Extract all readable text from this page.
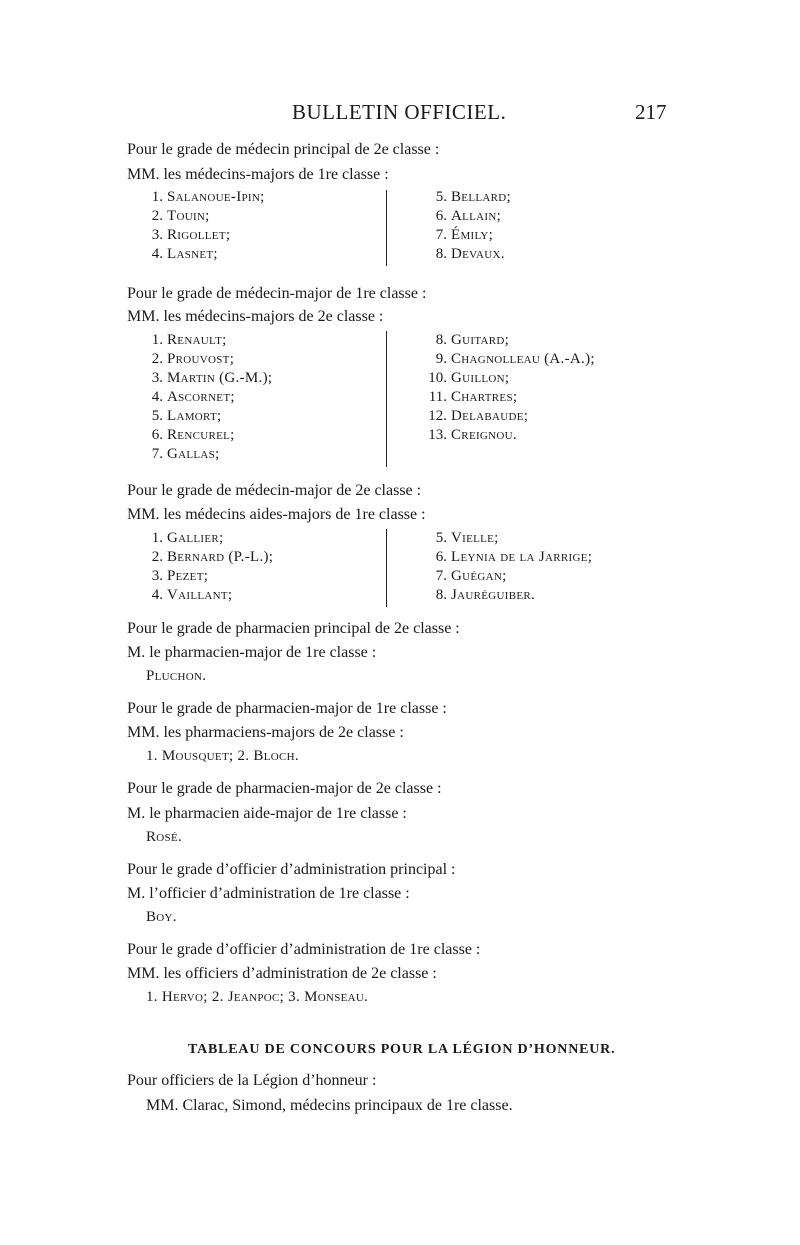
BULLETIN OFFICIEL.	217
Pour le grade de médecin principal de 2e classe :
MM. les médecins-majors de 1re classe :
1. Salanoue-Ipin;
2. Touin;
3. Rigollet;
4. Lasnet;
5. Bellard;
6. Allain;
7. Émily;
8. Devaux.
Pour le grade de médecin-major de 1re classe :
MM. les médecins-majors de 2e classe :
1. Renault;
2. Prouvost;
3. Martin (G.-M.);
4. Ascornet;
5. Lamort;
6. Rencurel;
7. Gallas;
8. Guitard;
9. Chagnolleau (A.-A.);
10. Guillon;
11. Chartres;
12. Delabaude;
13. Creignou.
Pour le grade de médecin-major de 2e classe :
MM. les médecins aides-majors de 1re classe :
1. Gallier;
2. Bernard (P.-L.);
3. Pezet;
4. Vaillant;
5. Vielle;
6. Leynia de la Jarrige;
7. Guégan;
8. Jauréguiber.
Pour le grade de pharmacien principal de 2e classe :
M. le pharmacien-major de 1re classe :
Pluchon.
Pour le grade de pharmacien-major de 1re classe :
MM. les pharmaciens-majors de 2e classe :
1. Mousquet; 2. Bloch.
Pour le grade de pharmacien-major de 2e classe :
M. le pharmacien aide-major de 1re classe :
Rosé.
Pour le grade d’officier d’administration principal :
M. l’officier d’administration de 1re classe :
Boy.
Pour le grade d’officier d’administration de 1re classe :
MM. les officiers d’administration de 2e classe :
1. Hervo; 2. Jeanpoc; 3. Monseau.
TABLEAU DE CONCOURS POUR LA LÉGION D’HONNEUR.
Pour officiers de la Légion d’honneur :
MM. Clarac, Simond, médecins principaux de 1re classe.
